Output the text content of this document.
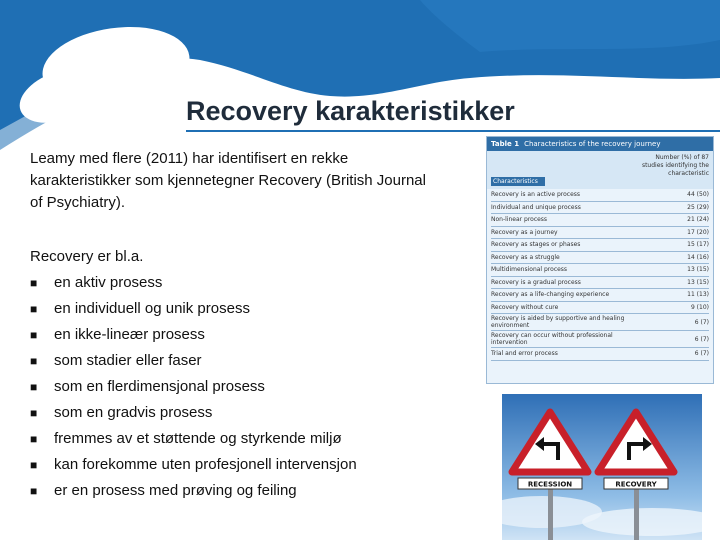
Recovery karakteristikker
Leamy med flere (2011) har identifisert en rekke karakteristikker som kjennetegner Recovery (British Journal of Psychiatry).
Recovery er bl.a.
■	en aktiv prosess
■	en individuell og unik prosess
■	en ikke-lineær prosess
■	som stadier eller faser
■	som en flerdimensjonal prosess
■	som en gradvis prosess
■	fremmes av et støttende og styrkende miljø
■	kan forekomme uten profesjonell intervensjon
■	er en prosess med prøving og feiling
Table 1 Characteristics of the recovery journey
Number (%) of 87 studies identifying the characteristic
Characteristics
Recovery is an active process	44 (50)
Individual and unique process	25 (29)
Non-linear process	21 (24)
Recovery as a journey	17 (20)
Recovery as stages or phases	15 (17)
Recovery as a struggle	14 (16)
Multidimensional process	13 (15)
Recovery is a gradual process	13 (15)
Recovery as a life-changing experience	11 (13)
Recovery without cure	9 (10)
Recovery is aided by supportive and healing environment	6 (7)
Recovery can occur without professional intervention	6 (7)
Trial and error process	6 (7)
RECESSION	RECOVERY
